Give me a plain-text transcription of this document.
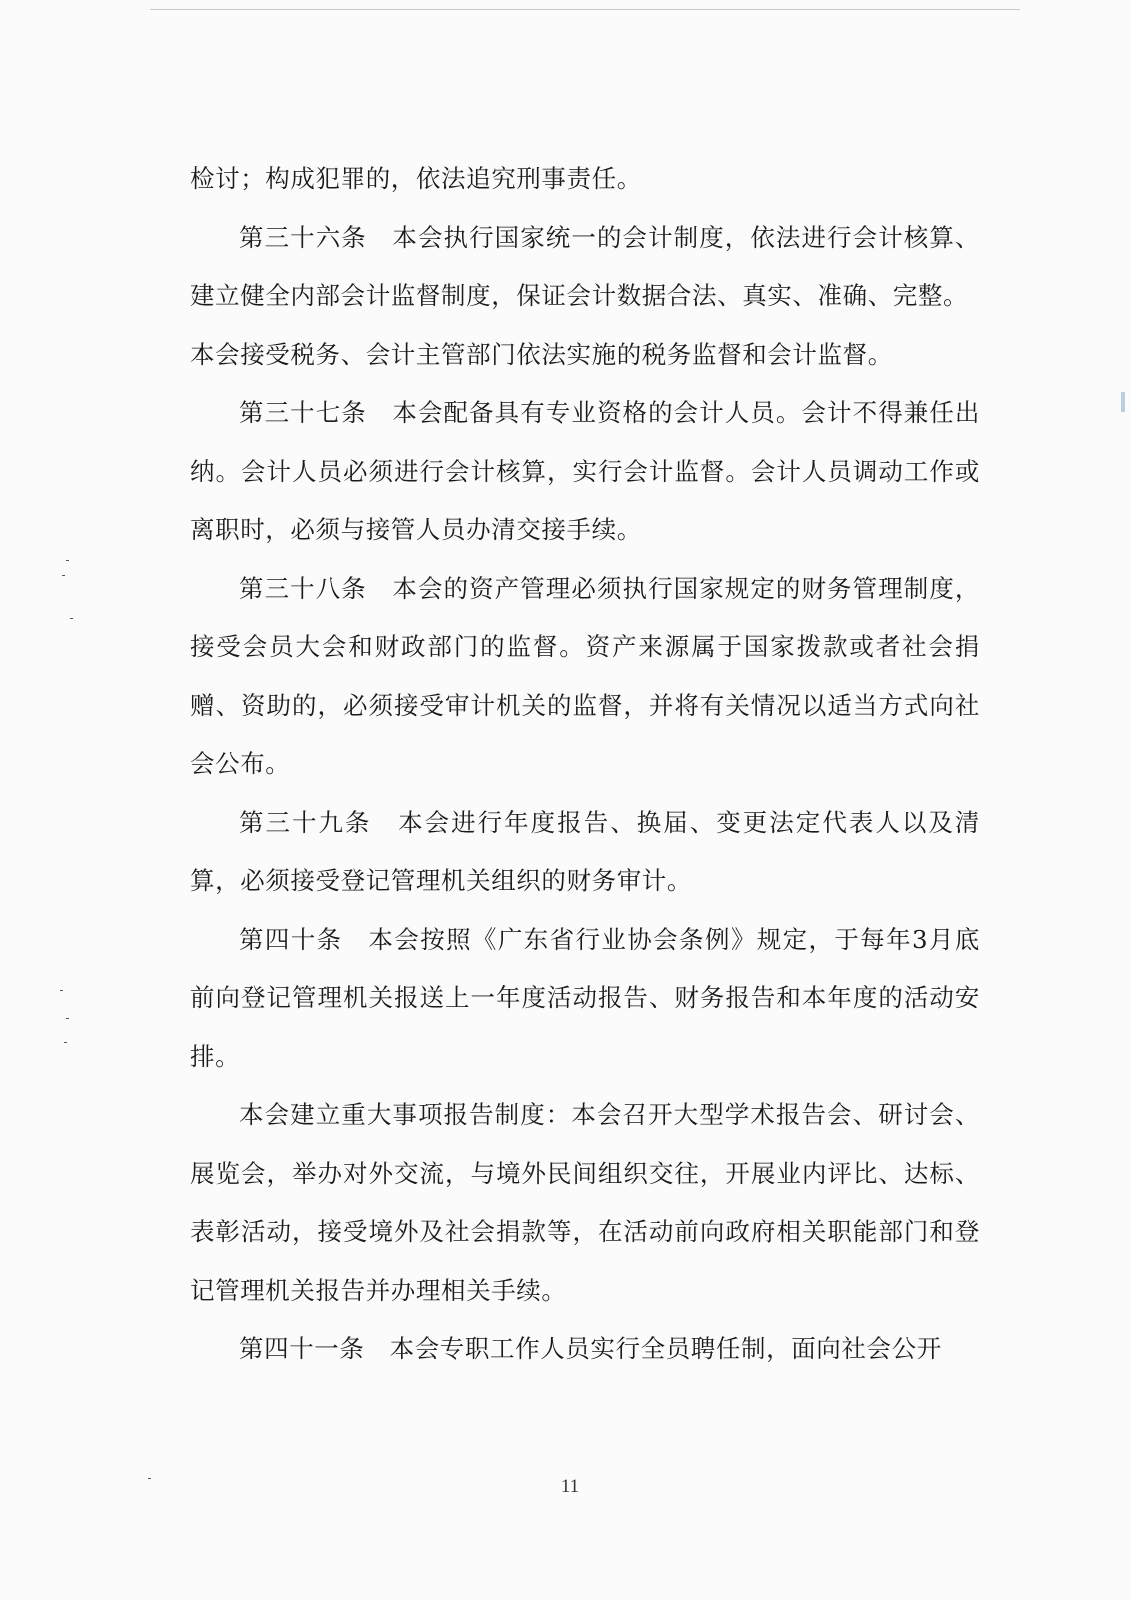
检讨；构成犯罪的，依法追究刑事责任。

第三十六条　本会执行国家统一的会计制度，依法进行会计核算、建立健全内部会计监督制度，保证会计数据合法、真实、准确、完整。

本会接受税务、会计主管部门依法实施的税务监督和会计监督。

第三十七条　本会配备具有专业资格的会计人员。会计不得兼任出纳。会计人员必须进行会计核算，实行会计监督。会计人员调动工作或离职时，必须与接管人员办清交接手续。

第三十八条　本会的资产管理必须执行国家规定的财务管理制度，接受会员大会和财政部门的监督。资产来源属于国家拨款或者社会捐赠、资助的，必须接受审计机关的监督，并将有关情况以适当方式向社会公布。

第三十九条　本会进行年度报告、换届、变更法定代表人以及清算，必须接受登记管理机关组织的财务审计。

第四十条　本会按照《广东省行业协会条例》规定，于每年3月底前向登记管理机关报送上一年度活动报告、财务报告和本年度的活动安排。

本会建立重大事项报告制度：本会召开大型学术报告会、研讨会、展览会，举办对外交流，与境外民间组织交往，开展业内评比、达标、表彰活动，接受境外及社会捐款等，在活动前向政府相关职能部门和登记管理机关报告并办理相关手续。

第四十一条　本会专职工作人员实行全员聘任制，面向社会公开

11
